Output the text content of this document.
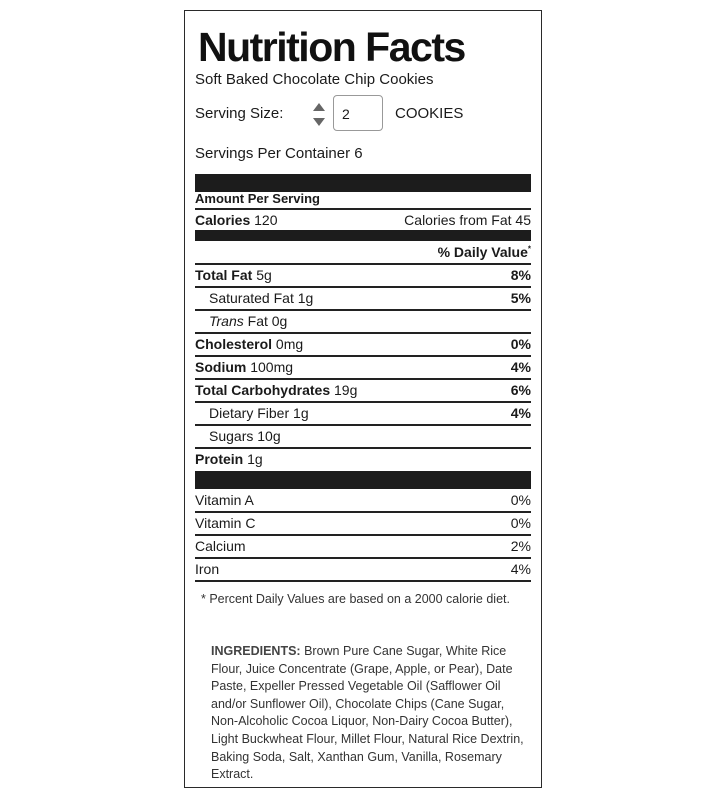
Nutrition Facts
Soft Baked Chocolate Chip Cookies
Serving Size:	2	COOKIES
Servings Per Container 6
Amount Per Serving
Calories 120	Calories from Fat 45
% Daily Value*
Total Fat 5g	8%
Saturated Fat 1g	5%
Trans Fat 0g
Cholesterol 0mg	0%
Sodium 100mg	4%
Total Carbohydrates 19g	6%
Dietary Fiber 1g	4%
Sugars 10g
Protein 1g
Vitamin A	0%
Vitamin C	0%
Calcium	2%
Iron	4%
* Percent Daily Values are based on a 2000 calorie diet.
INGREDIENTS: Brown Pure Cane Sugar, White Rice Flour, Juice Concentrate (Grape, Apple, or Pear), Date Paste, Expeller Pressed Vegetable Oil (Safflower Oil and/or Sunflower Oil), Chocolate Chips (Cane Sugar, Non-Alcoholic Cocoa Liquor, Non-Dairy Cocoa Butter), Light Buckwheat Flour, Millet Flour, Natural Rice Dextrin, Baking Soda, Salt, Xanthan Gum, Vanilla, Rosemary Extract.
